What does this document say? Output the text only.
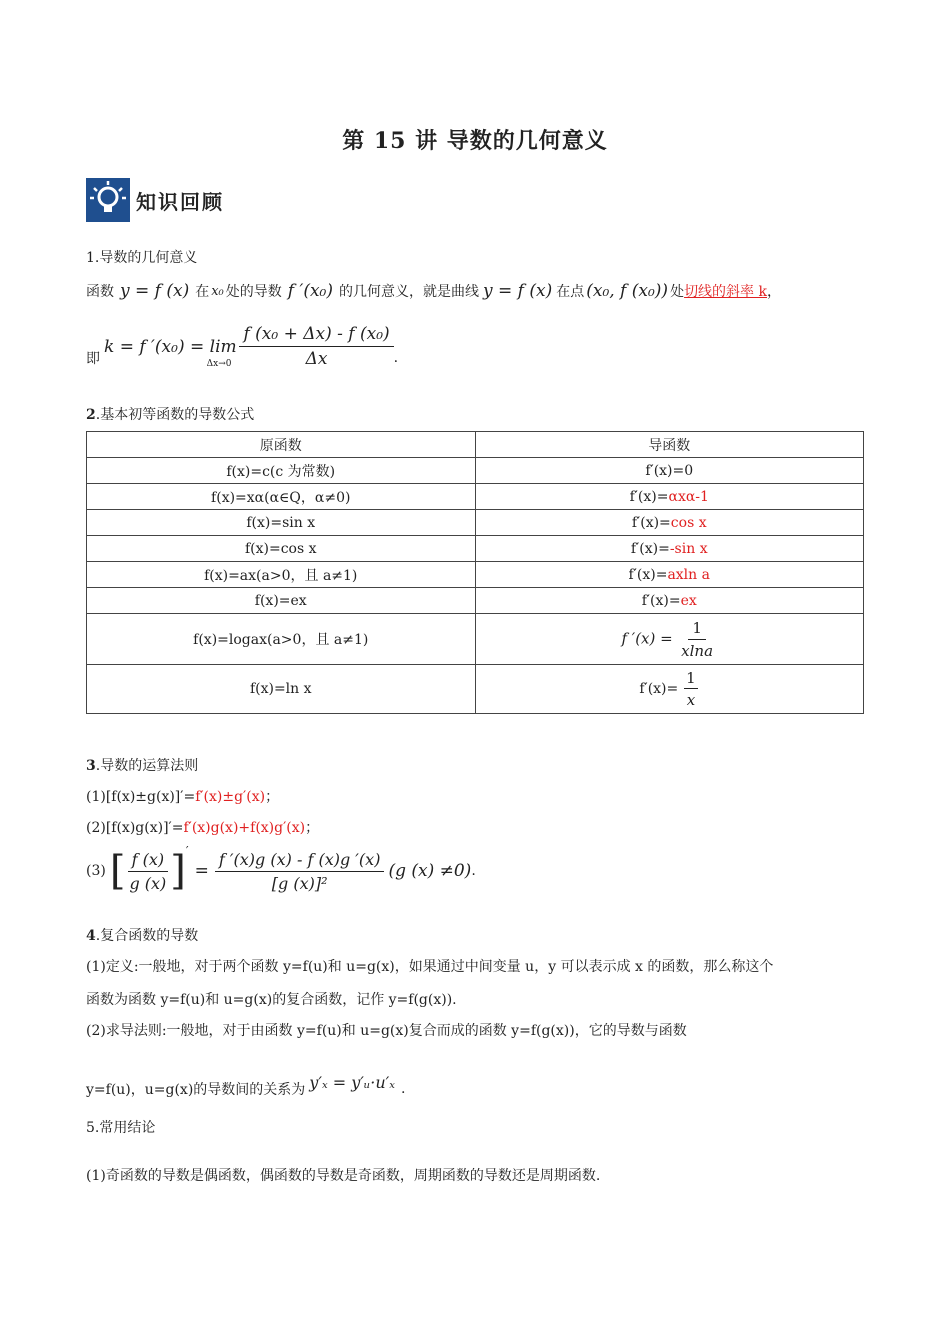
第 15 讲 导数的几何意义
知识回顾
1.导数的几何意义
函数 y = f (x) 在 x₀ 处的导数 f ′(x₀) 的几何意义，就是曲线 y = f (x) 在点 (x₀, f (x₀)) 处 切线的斜率 k ，
即
k = f ′(x₀) = lim
$\Delta x\to 0 \frac{\text{f (x₀ + Δx) - f (x₀)}}{\Delta x}$ .
2.基本初等函数的导数公式
原函数	导函数
f(x)=c(c 为常数)	f′(x)=0
f(x)=xα(α∈Q，α≠0)	f′(x)=αxα-1
f(x)=sin x	f′(x)=cos x
f(x)=cos x	f′(x)=-sin x
f(x)=ax(a>0，且 a≠1)	f′(x)=axln a
f(x)=ex	f′(x)=ex
f(x)=logax(a>0，且 a≠1)	f $'(x) = \frac{1}{xlna}$

f(x)=ln x	$f'(x)= \frac{1}{x}$
3.导数的运算法则
(1)[f(x)±g(x)]′=f′(x)±g′(x)；
(2)[f(x)g(x)]′=f′(x)g(x)+f(x)g′(x)；
(3) [ $\frac{f (x)}{g (x)}$ ] ′
= $\frac{f '(x)g (x) - f (x)g '(x)}{\text{[g (x)]²}} (g$ (x) ≠0) .
4.复合函数的导数
(1)定义:一般地，对于两个函数 y=f(u)和 u=g(x)，如果通过中间变量 u，y 可以表示成 x 的函数，那么称这个
函数为函数 y=f(u)和 u=g(x)的复合函数，记作 y=f(g(x)).
(2)求导法则:一般地，对于由函数 y=f(u)和 u=g(x)复合而成的函数 y=f(g(x))，它的导数与函数
y=f(u)，u=g(x)的导数间的关系为 y′ₓ = y′ᵤ·u′ₓ .
5.常用结论
(1)奇函数的导数是偶函数，偶函数的导数是奇函数，周期函数的导数还是周期函数.
